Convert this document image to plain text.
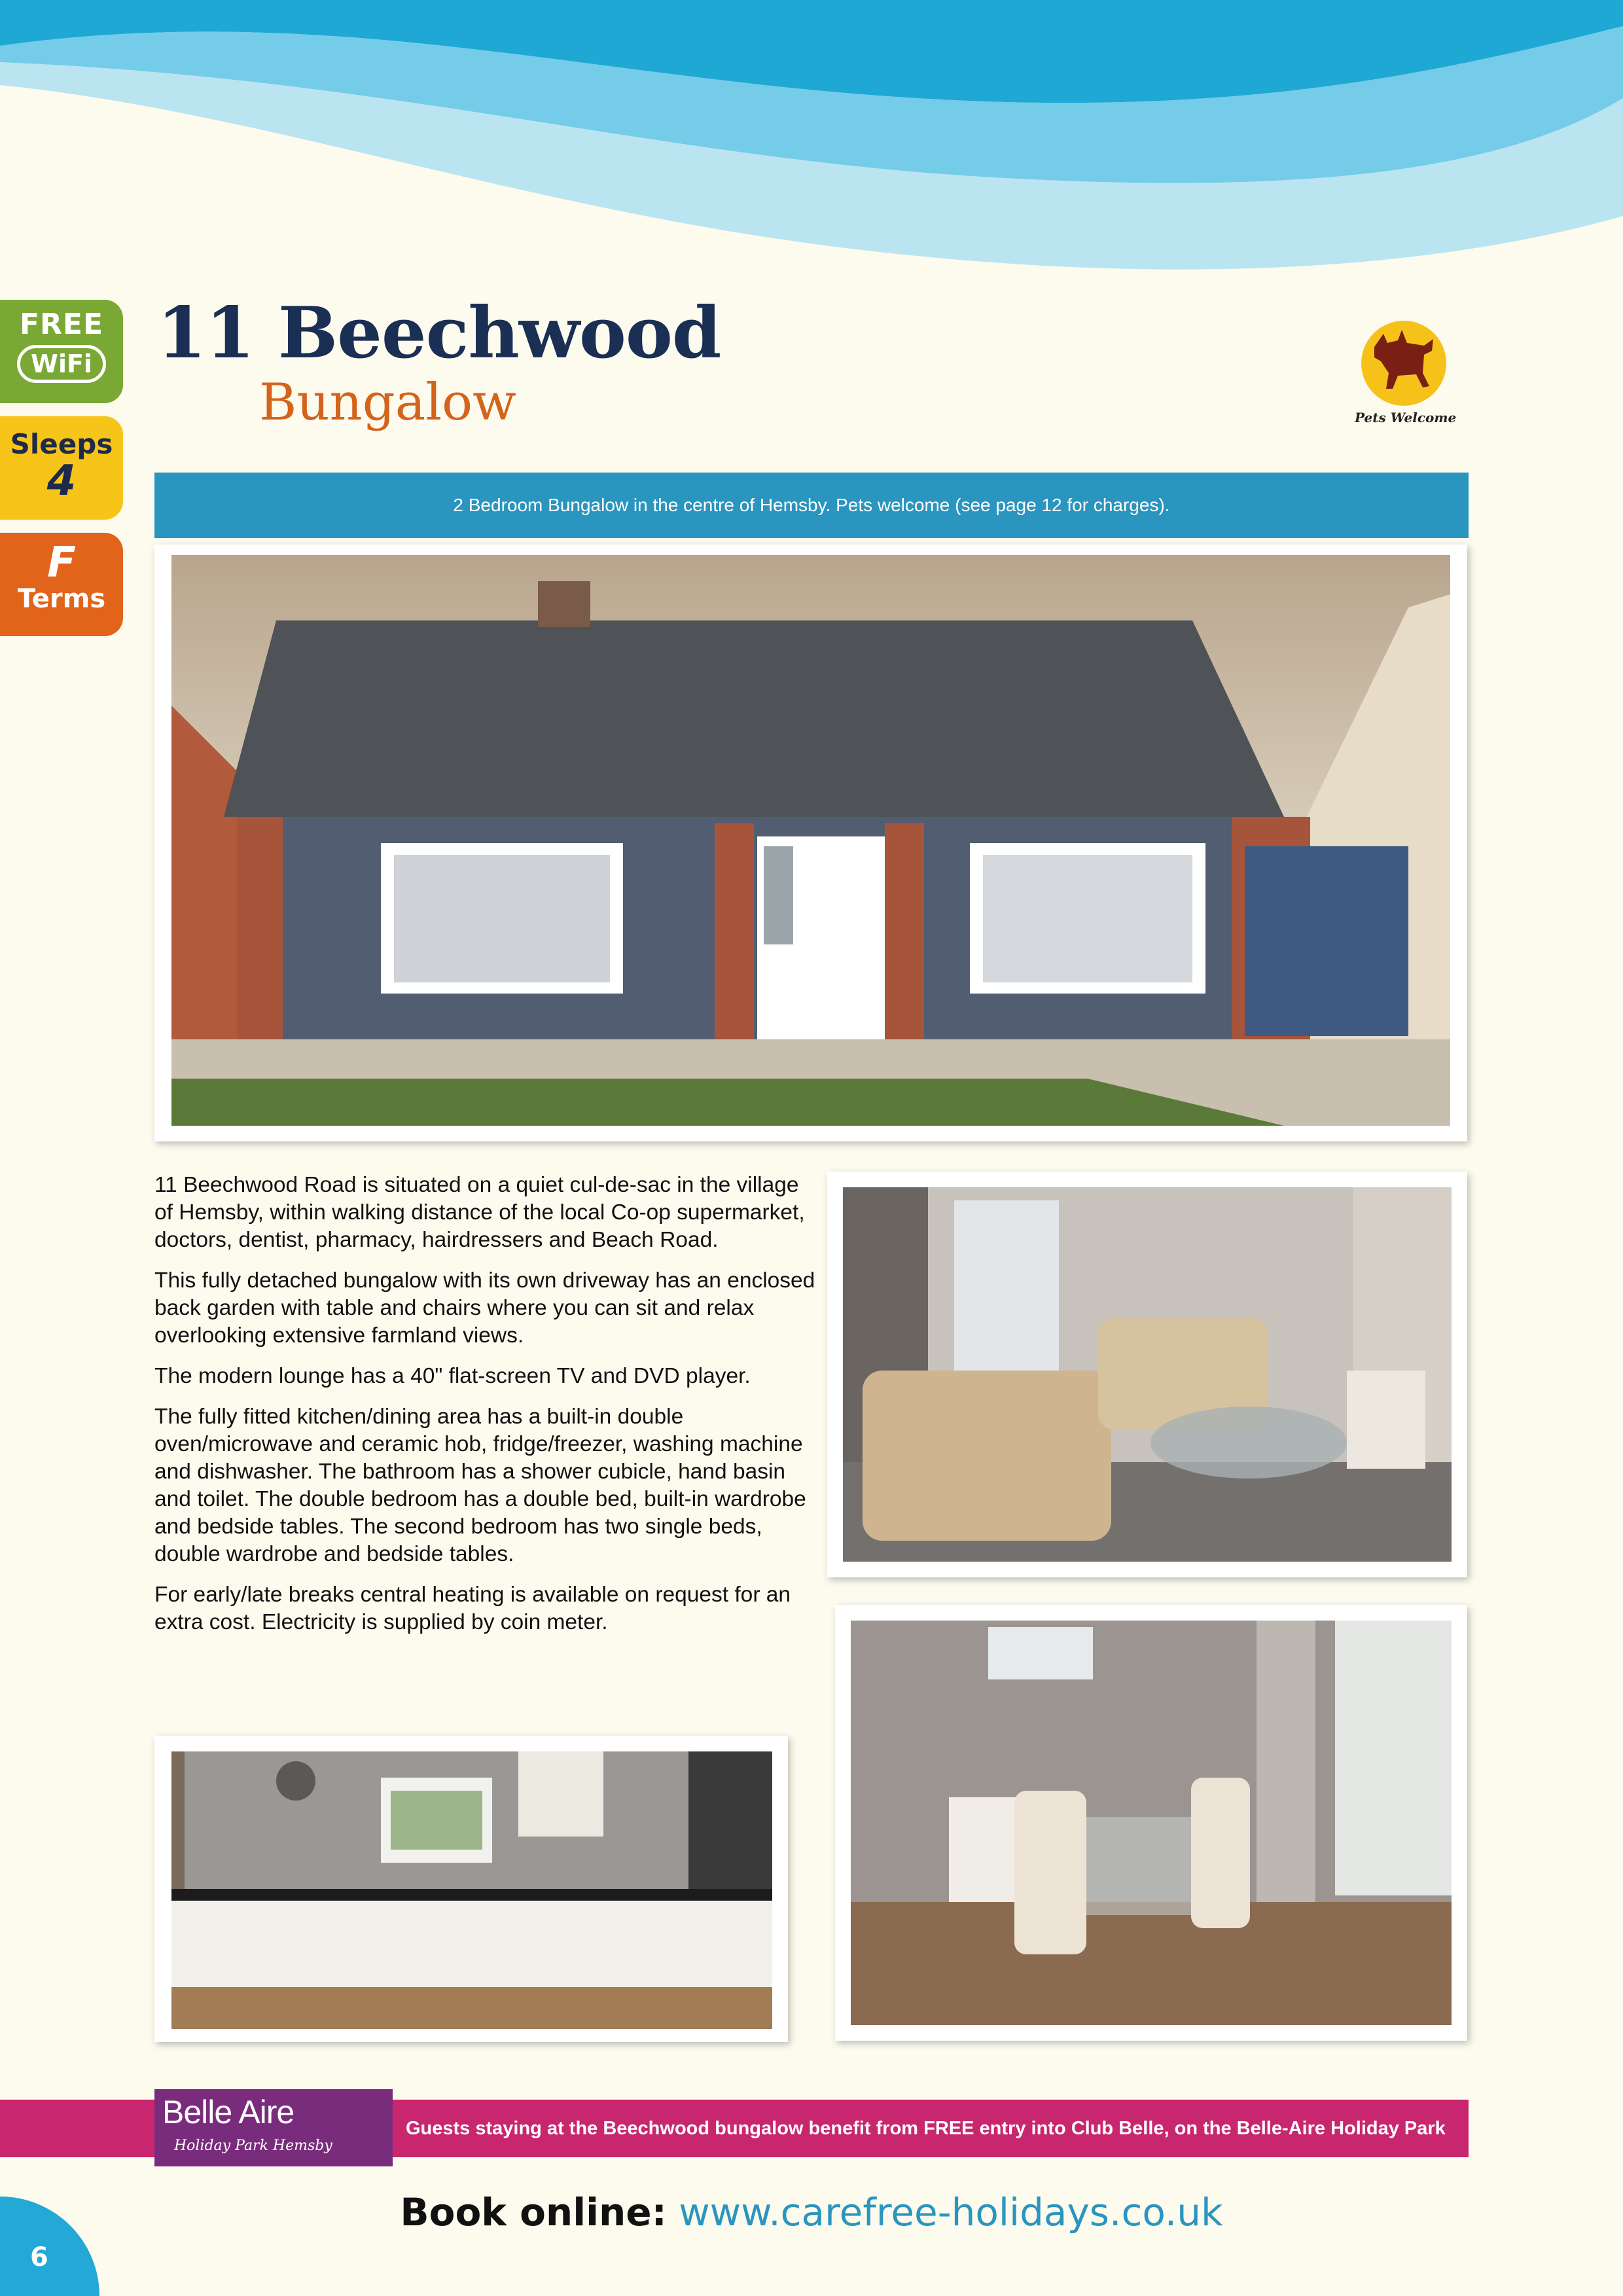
FREE
WiFi
Sleeps
4
F
Terms
11 Beechwood
Bungalow	Pets Welcome
2 Bedroom Bungalow in the centre of Hemsby. Pets welcome (see page 12 for charges).

11 Beechwood Road is situated on a quiet cul-de-sac in the village of Hemsby, within walking distance of the local Co-op supermarket, doctors, dentist, pharmacy, hairdressers and Beach Road.

This fully detached bungalow with its own driveway has an enclosed back garden with table and chairs where you can sit and relax overlooking extensive farmland views.

The modern lounge has a 40" flat-screen TV and DVD player.

The fully fitted kitchen/dining area has a built-in double oven/microwave and ceramic hob, fridge/freezer, washing machine and dishwasher. The bathroom has a shower cubicle, hand basin and toilet. The double bedroom has a double bed, built-in wardrobe and bedside tables. The second bedroom has two single beds, double wardrobe and bedside tables.

For early/late breaks central heating is available on request for an extra cost. Electricity is supplied by coin meter.

Belle Aire
Holiday Park Hemsby
Guests staying at the Beechwood bungalow benefit from FREE entry into Club Belle, on the Belle-Aire Holiday Park
Book online: www.carefree-holidays.co.uk
6
